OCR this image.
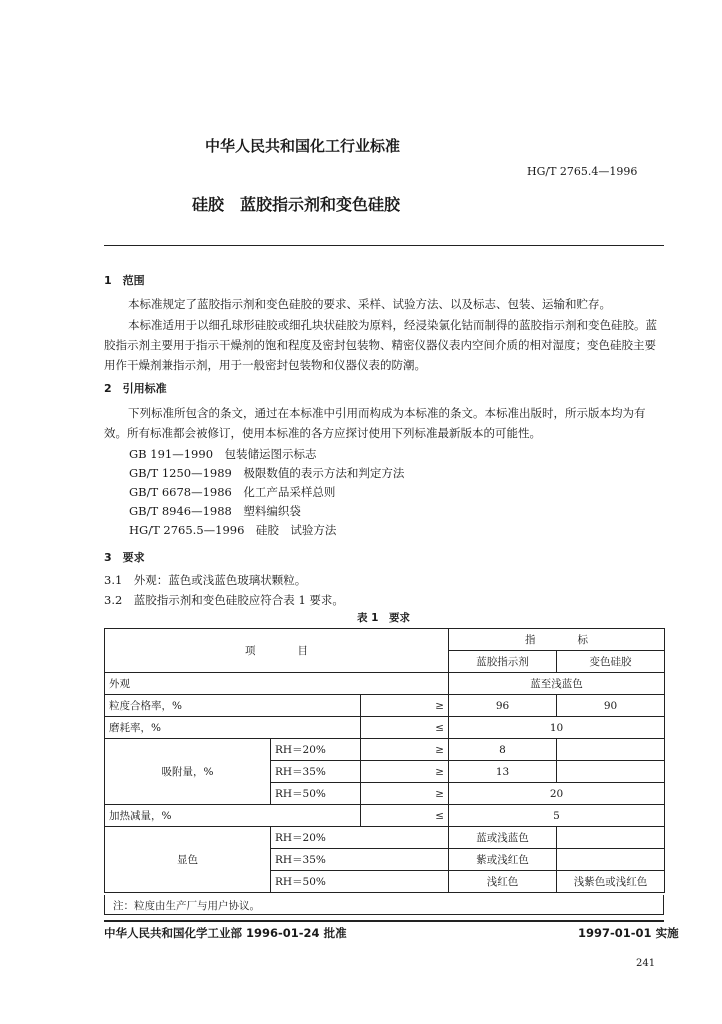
中华人民共和国化工行业标准
HG/T 2765.4—1996
硅胶　蓝胶指示剂和变色硅胶
1　范围
本标准规定了蓝胶指示剂和变色硅胶的要求、采样、试验方法、以及标志、包装、运输和贮存。
本标准适用于以细孔球形硅胶或细孔块状硅胶为原料，经浸染氯化钴而制得的蓝胶指示剂和变色硅胶。蓝胶指示剂主要用于指示干燥剂的饱和程度及密封包装物、精密仪器仪表内空间介质的相对湿度；变色硅胶主要用作干燥剂兼指示剂，用于一般密封包装物和仪器仪表的防潮。
2　引用标准
下列标准所包含的条文，通过在本标准中引用而构成为本标准的条文。本标准出版时，所示版本均为有效。所有标准都会被修订，使用本标准的各方应探讨使用下列标准最新版本的可能性。
GB 191—1990　包装储运图示标志
GB/T 1250—1989　极限数值的表示方法和判定方法
GB/T 6678—1986　化工产品采样总则
GB/T 8946—1988　塑料编织袋
HG/T 2765.5—1996　硅胶　试验方法
3　要求
3.1　外观：蓝色或浅蓝色玻璃状颗粒。
3.2　蓝胶指示剂和变色硅胶应符合表 1 要求。
表 1　要求
项　　　　目			指　　　　标	
			蓝胶指示剂	变色硅胶
外观			蓝至浅蓝色	
粒度合格率，%		≥	96	90
磨耗率，%		≤	10	
吸附量，%	RH＝20%	≥	8	
	RH＝35%	≥	13	
	RH＝50%	≥	20	
加热减量，%		≤	5	
显色	RH＝20%		蓝或浅蓝色	
	RH＝35%		紫或浅红色	
	RH＝50%		浅红色	浅紫色或浅红色
注：粒度由生产厂与用户协议。
中华人民共和国化学工业部 1996-01-24 批准	1997-01-01 实施
241
